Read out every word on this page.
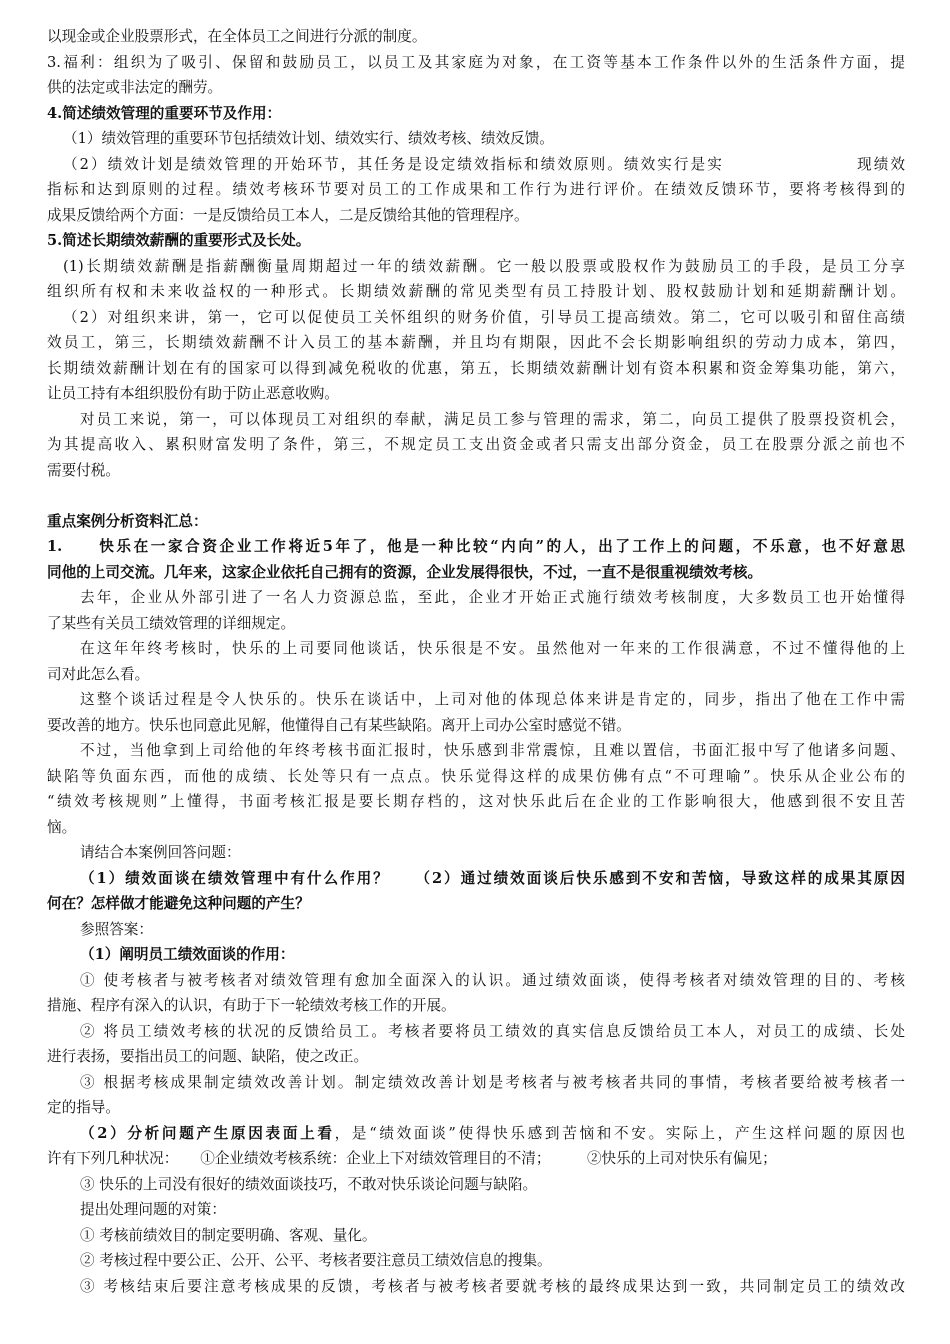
以现金或企业股票形式，在全体员工之间进行分派的制度。
3.福利：组织为了吸引、保留和鼓励员工，以员工及其家庭为对象，在工资等基本工作条件以外的生活条件方面，提
供的法定或非法定的酬劳。
4.简述绩效管理的重要环节及作用：
（1）绩效管理的重要环节包括绩效计划、绩效实行、绩效考核、绩效反馈。
（2）绩效计划是绩效管理的开始环节，其任务是设定绩效指标和绩效原则。绩效实行是实　　　　　　　　现绩效
指标和达到原则的过程。绩效考核环节要对员工的工作成果和工作行为进行评价。在绩效反馈环节，要将考核得到的
成果反馈给两个方面：一是反馈给员工本人，二是反馈给其他的管理程序。
5.简述长期绩效薪酬的重要形式及长处。
(1)长期绩效薪酬是指薪酬衡量周期超过一年的绩效薪酬。它一般以股票或股权作为鼓励员工的手段，是员工分享
组织所有权和未来收益权的一种形式。长期绩效薪酬的常见类型有员工持股计划、股权鼓励计划和延期薪酬计划。
（2）对组织来讲，第一，它可以促使员工关怀组织的财务价值，引导员工提高绩效。第二，它可以吸引和留住高绩
效员工，第三，长期绩效薪酬不计入员工的基本薪酬，并且均有期限，因此不会长期影响组织的劳动力成本，第四，
长期绩效薪酬计划在有的国家可以得到减免税收的优惠，第五，长期绩效薪酬计划有资本积累和资金筹集功能，第六，
让员工持有本组织股份有助于防止恶意收购。
对员工来说，第一，可以体现员工对组织的奉献，满足员工参与管理的需求，第二，向员工提供了股票投资机会，
为其提高收入、累积财富发明了条件，第三，不规定员工支出资金或者只需支出部分资金，员工在股票分派之前也不
需要付税。
重点案例分析资料汇总：
1.　　快乐在一家合资企业工作将近5年了，他是一种比较“内向”的人，出了工作上的问题，不乐意，也不好意思
同他的上司交流。几年来，这家企业依托自己拥有的资源，企业发展得很快，不过，一直不是很重视绩效考核。
去年，企业从外部引进了一名人力资源总监，至此，企业才开始正式施行绩效考核制度，大多数员工也开始懂得
了某些有关员工绩效管理的详细规定。
在这年年终考核时，快乐的上司要同他谈话，快乐很是不安。虽然他对一年来的工作很满意，不过不懂得他的上
司对此怎么看。
这整个谈话过程是令人快乐的。快乐在谈话中，上司对他的体现总体来讲是肯定的，同步，指出了他在工作中需
要改善的地方。快乐也同意此见解，他懂得自己有某些缺陷。离开上司办公室时感觉不错。
不过，当他拿到上司给他的年终考核书面汇报时，快乐感到非常震惊，且难以置信，书面汇报中写了他诸多问题、
缺陷等负面东西，而他的成绩、长处等只有一点点。快乐觉得这样的成果仿佛有点“不可理喻”。快乐从企业公布的
“绩效考核规则”上懂得，书面考核汇报是要长期存档的，这对快乐此后在企业的工作影响很大，他感到很不安且苦
恼。
请结合本案例回答问题：
（1）绩效面谈在绩效管理中有什么作用？　　（2）通过绩效面谈后快乐感到不安和苦恼，导致这样的成果其原因
何在？怎样做才能避免这种问题的产生？
参照答案：
（1）阐明员工绩效面谈的作用：
① 使考核者与被考核者对绩效管理有愈加全面深入的认识。通过绩效面谈，使得考核者对绩效管理的目的、考核
措施、程序有深入的认识，有助于下一轮绩效考核工作的开展。
② 将员工绩效考核的状况的反馈给员工。考核者要将员工绩效的真实信息反馈给员工本人，对员工的成绩、长处
进行表扬，要指出员工的问题、缺陷，使之改正。
③ 根据考核成果制定绩效改善计划。制定绩效改善计划是考核者与被考核者共同的事情，考核者要给被考核者一
定的指导。
（2）分析问题产生原因表面上看，是“绩效面谈”使得快乐感到苦恼和不安。实际上，产生这样问题的原因也
许有下列几种状况：　　①企业绩效考核系统：企业上下对绩效管理目的不清；　　　②快乐的上司对快乐有偏见；
③ 快乐的上司没有很好的绩效面谈技巧，不敢对快乐谈论问题与缺陷。
提出处理问题的对策：
① 考核前绩效目的制定要明确、客观、量化。
② 考核过程中要公正、公开、公平、考核者要注意员工绩效信息的搜集。
③ 考核结束后要注意考核成果的反馈，考核者与被考核者要就考核的最终成果达到一致，共同制定员工的绩效改
